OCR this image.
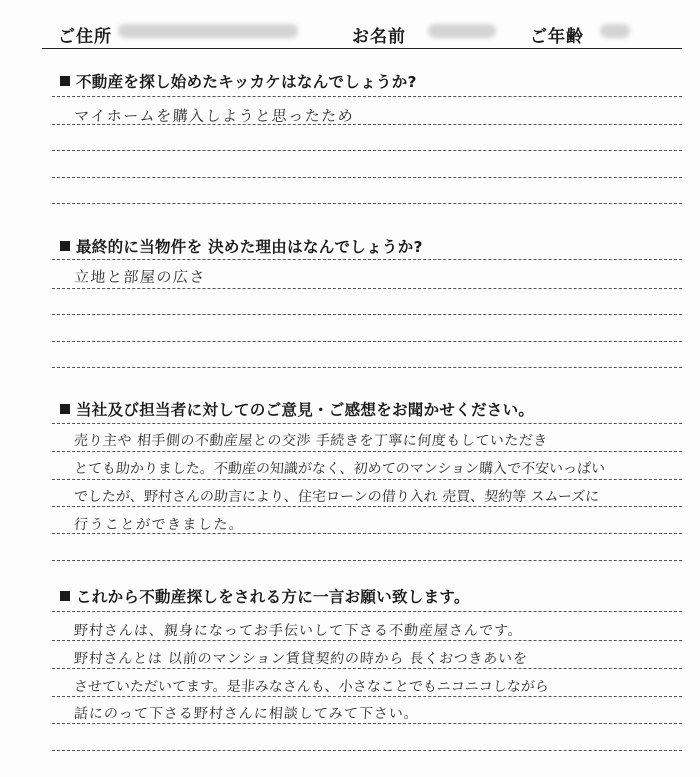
ご住所	お名前	ご年齢
不動産を探し始めたキッカケはなんでしょうか?
マイホームを購入しようと思ったため
最終的に当物件を 決めた理由はなんでしょうか?
立地と部屋の広さ
当社及び担当者に対してのご意見・ご感想をお聞かせください。
売り主や 相手側の不動産屋との交渉 手続きを丁寧に何度もしていただき
とても助かりました。不動産の知識がなく、初めてのマンション購入で不安いっぱい
でしたが、野村さんの助言により、住宅ローンの借り入れ 売買、契約等 スムーズに
行うことができました。
これから不動産探しをされる方に一言お願い致します。
野村さんは、親身になってお手伝いして下さる不動産屋さんです。
野村さんとは 以前のマンション賃貸契約の時から 長くおつきあいを
させていただいてます。是非みなさんも、小さなことでもニコニコしながら
話にのって下さる野村さんに相談してみて下さい。
